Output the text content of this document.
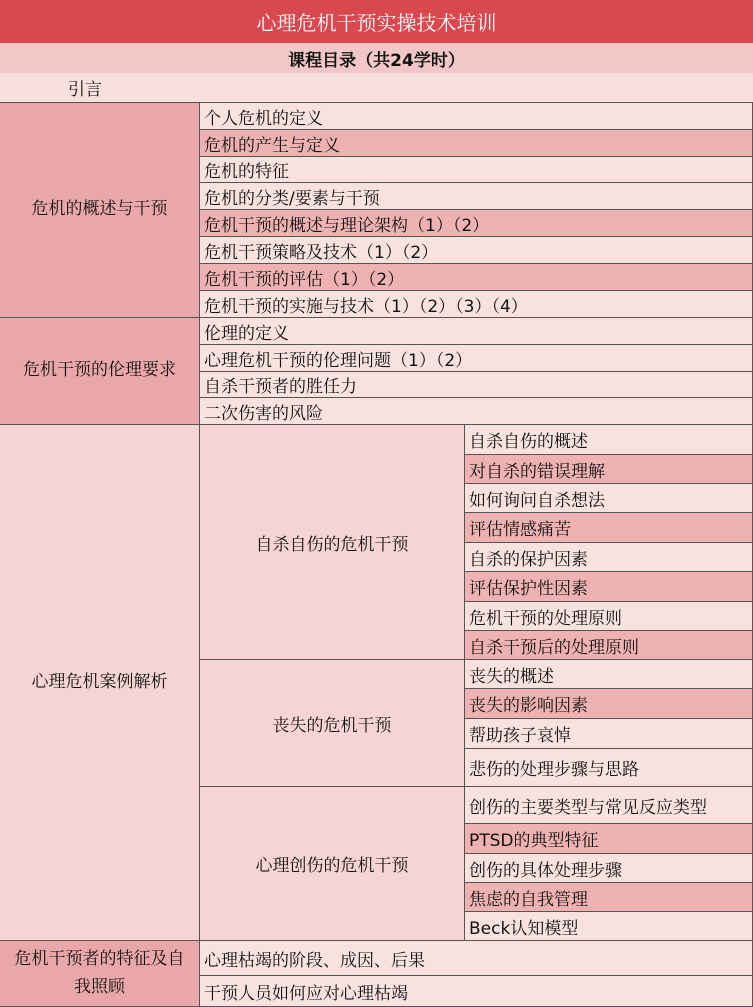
心理危机干预实操技术培训
课程目录（共24学时）
引言
危机的概述与干预
个人危机的定义
危机的产生与定义
危机的特征
危机的分类/要素与干预
危机干预的概述与理论架构（1）（2）
危机干预策略及技术（1）（2）
危机干预的评估（1）（2）
危机干预的实施与技术（1）（2）（3）（4）
危机干预的伦理要求
伦理的定义
心理危机干预的伦理问题（1）（2）
自杀干预者的胜任力
二次伤害的风险
心理危机案例解析
自杀自伤的危机干预
自杀自伤的概述
对自杀的错误理解
如何询问自杀想法
评估情感痛苦
自杀的保护因素
评估保护性因素
危机干预的处理原则
自杀干预后的处理原则
丧失的危机干预
丧失的概述
丧失的影响因素
帮助孩子哀悼
悲伤的处理步骤与思路
心理创伤的危机干预
创伤的主要类型与常见反应类型
PTSD的典型特征
创伤的具体处理步骤
焦虑的自我管理
Beck认知模型
危机干预者的特征及自我照顾
心理枯竭的阶段、成因、后果
干预人员如何应对心理枯竭
